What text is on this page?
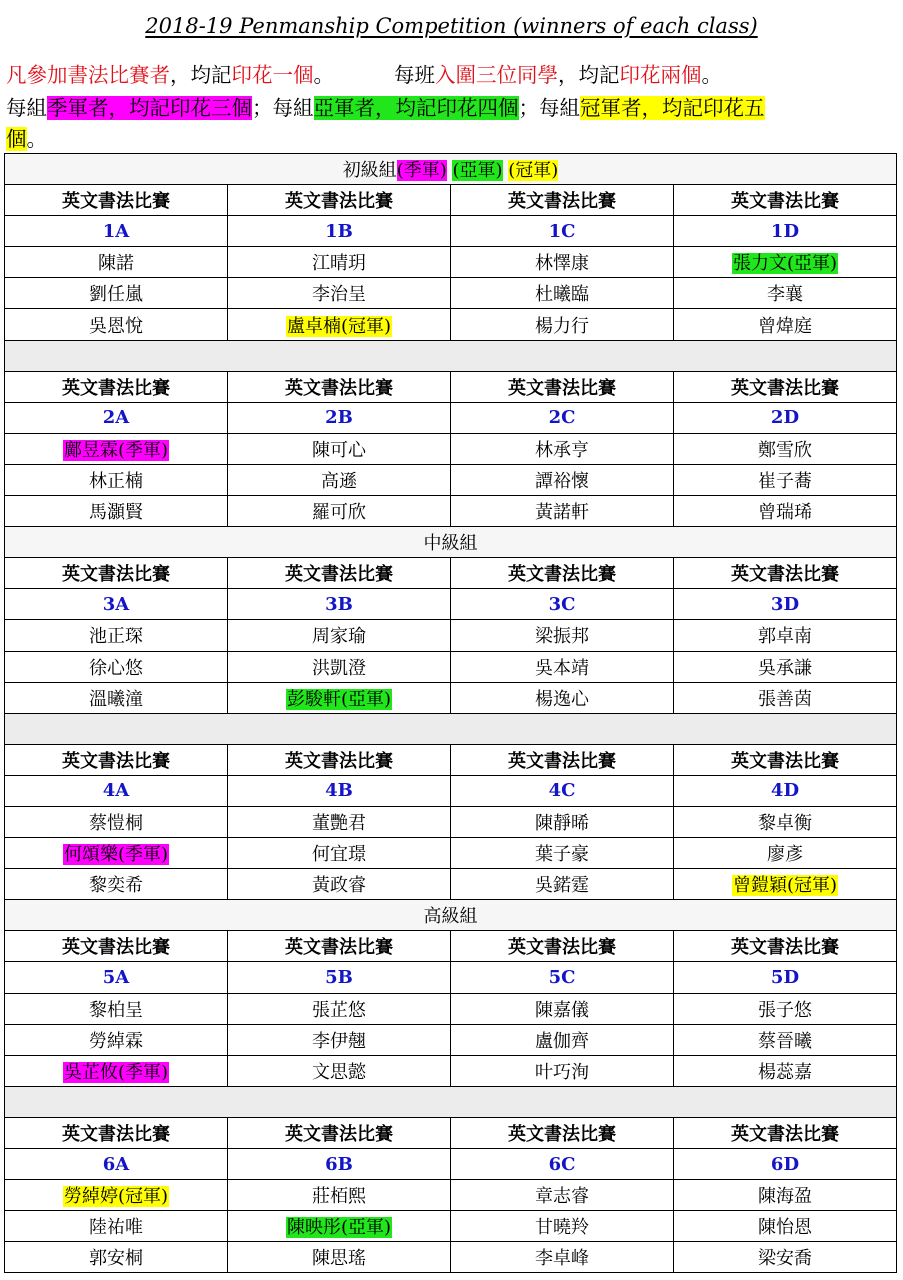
2018-19 Penmanship Competition (winners of each class)
凡參加書法比賽者，均記印花一個。	每班入圍三位同學，均記印花兩個。
每組季軍者，均記印花三個；每組亞軍者，均記印花四個；每組冠軍者，均記印花五
個。
初級組(季軍) (亞軍) (冠軍)			
英文書法比賽	英文書法比賽	英文書法比賽	英文書法比賽
1A	1B	1C	1D
陳諾	江晴玥	林懌康	張力文(亞軍)
劉任嵐	李治呈	杜曦臨	李襄
吳恩悅	盧卓楠(冠軍)	楊力行	曾煒庭

英文書法比賽	英文書法比賽	英文書法比賽	英文書法比賽
2A	2B	2C	2D
鄺昱霖(季軍)	陳可心	林承亨	鄭雪欣
林正楠	高遜	譚裕懷	崔子蕎
馬灝賢	羅可欣	黃諾軒	曾瑞琋
中級組			
英文書法比賽	英文書法比賽	英文書法比賽	英文書法比賽
3A	3B	3C	3D
池正琛	周家瑜	梁振邦	郭卓南
徐心悠	洪凱澄	吳本靖	吳承謙
溫曦潼	彭駿軒(亞軍)	楊逸心	張善茵

英文書法比賽	英文書法比賽	英文書法比賽	英文書法比賽
4A	4B	4C	4D
蔡愷桐	董艷君	陳靜晞	黎卓衡
何頌樂(季軍)	何宜璟	葉子豪	廖彥
黎奕希	黃政睿	吳鍩霆	曾鎧穎(冠軍)
高級組			
英文書法比賽	英文書法比賽	英文書法比賽	英文書法比賽
5A	5B	5C	5D
黎柏呈	張芷悠	陳嘉儀	張子悠
勞綽霖	李伊翹	盧伽齊	蔡晉曦
吳芷攸(季軍)	文思懿	叶巧洵	楊蕊嘉

英文書法比賽	英文書法比賽	英文書法比賽	英文書法比賽
6A	6B	6C	6D
勞綽婷(冠軍)	莊栢熙	章志睿	陳海盈
陸祐唯	陳映彤(亞軍)	甘曉羚	陳怡恩
郭安桐	陳思瑤	李卓峰	梁安喬
